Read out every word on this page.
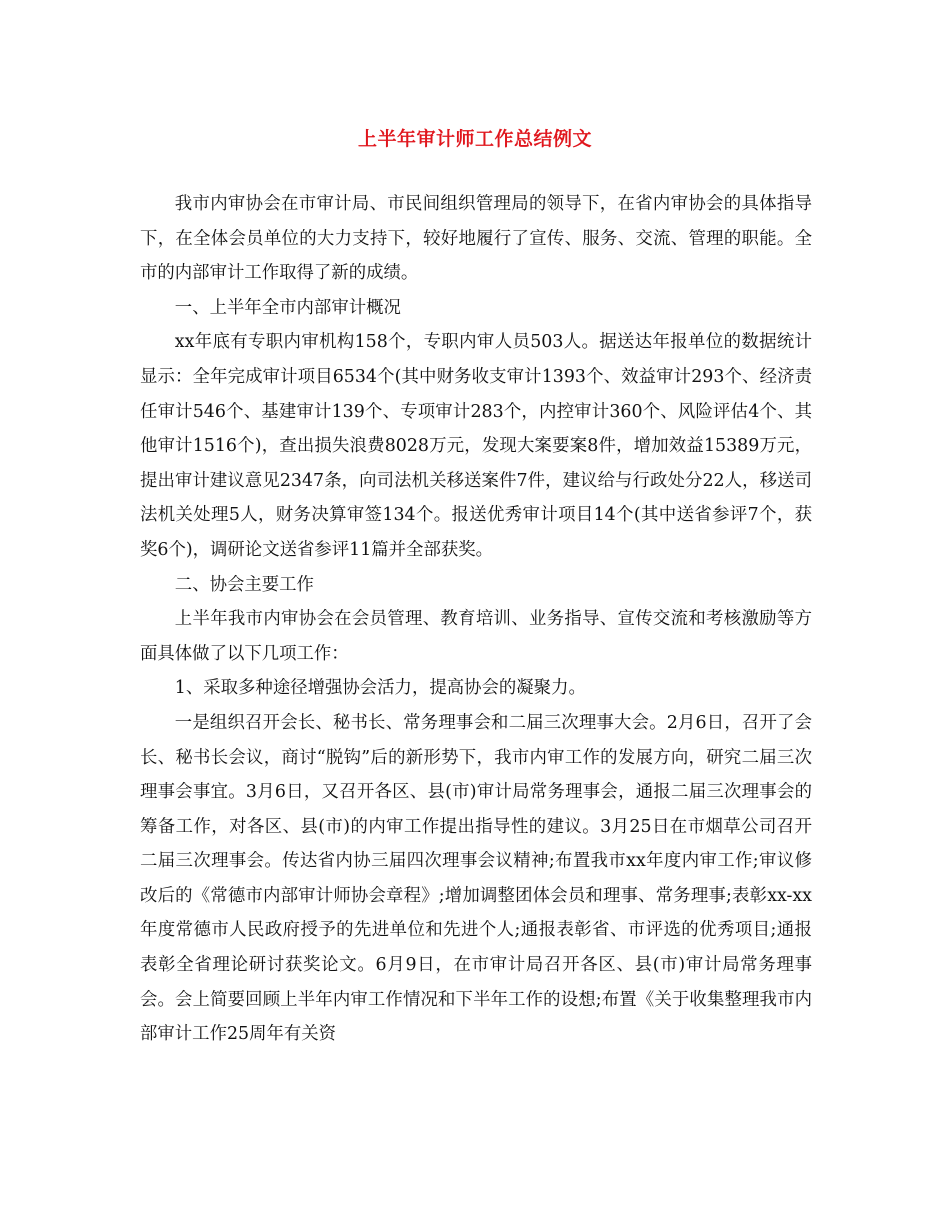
上半年审计师工作总结例文

我市内审协会在市审计局、市民间组织管理局的领导下，在省内审协会的具体指导下，在全体会员单位的大力支持下，较好地履行了宣传、服务、交流、管理的职能。全市的内部审计工作取得了新的成绩。

一、上半年全市内部审计概况

xx年底有专职内审机构158个，专职内审人员503人。据送达年报单位的数据统计显示：全年完成审计项目6534个(其中财务收支审计1393个、效益审计293个、经济责任审计546个、基建审计139个、专项审计283个，内控审计360个、风险评估4个、其他审计1516个)，查出损失浪费8028万元，发现大案要案8件，增加效益15389万元，提出审计建议意见2347条，向司法机关移送案件7件，建议给与行政处分22人，移送司法机关处理5人，财务决算审签134个。报送优秀审计项目14个(其中送省参评7个，获奖6个)，调研论文送省参评11篇并全部获奖。

二、协会主要工作

上半年我市内审协会在会员管理、教育培训、业务指导、宣传交流和考核激励等方面具体做了以下几项工作：

1、采取多种途径增强协会活力，提高协会的凝聚力。

一是组织召开会长、秘书长、常务理事会和二届三次理事大会。2月6日，召开了会长、秘书长会议，商讨“脱钩”后的新形势下，我市内审工作的发展方向，研究二届三次理事会事宜。3月6日，又召开各区、县(市)审计局常务理事会，通报二届三次理事会的筹备工作，对各区、县(市)的内审工作提出指导性的建议。3月25日在市烟草公司召开二届三次理事会。传达省内协三届四次理事会议精神;布置我市xx年度内审工作;审议修改后的《常德市内部审计师协会章程》;增加调整团体会员和理事、常务理事;表彰xx-xx年度常德市人民政府授予的先进单位和先进个人;通报表彰省、市评选的优秀项目;通报表彰全省理论研讨获奖论文。6月9日，在市审计局召开各区、县(市)审计局常务理事会。会上简要回顾上半年内审工作情况和下半年工作的设想;布置《关于收集整理我市内部审计工作25周年有关资
